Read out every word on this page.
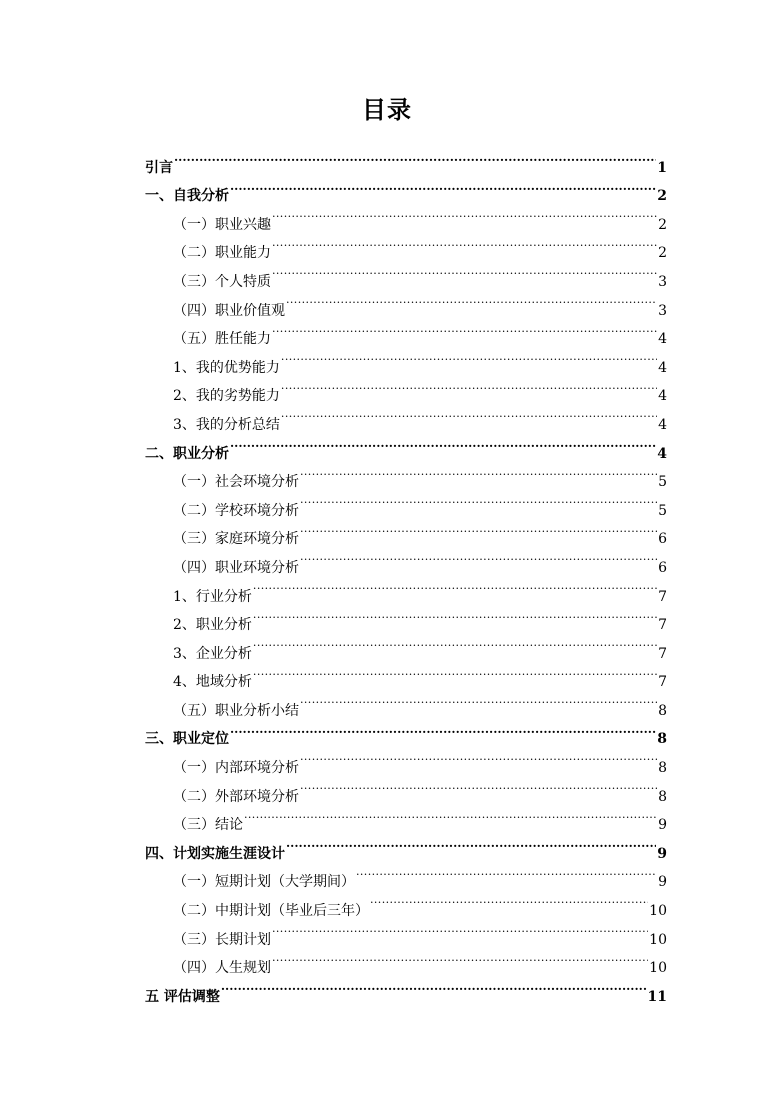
目录
引言 .....	1
一、自我分析 .....	2
（一）职业兴趣 .....	2
（二）职业能力 .....	2
（三）个人特质 .....	3
（四）职业价值观 .....	3
（五）胜任能力 .....	4
1、我的优势能力 .....	4
2、我的劣势能力 .....	4
3、我的分析总结 .....	4
二、职业分析 .....	4
（一）社会环境分析 .....	5
（二）学校环境分析 .....	5
（三）家庭环境分析 .....	6
（四）职业环境分析 .....	6
1、行业分析 .....	7
2、职业分析 .....	7
3、企业分析 .....	7
4、地域分析 .....	7
（五）职业分析小结 .....	8
三、职业定位 .....	8
（一）内部环境分析 .....	8
（二）外部环境分析 .....	8
（三）结论 .....	9
四、计划实施生涯设计 .....	9
（一）短期计划（大学期间） .....	9
（二）中期计划（毕业后三年） .....	10
（三）长期计划 .....	10
（四）人生规划 .....	10
五 评估调整 .....	11
